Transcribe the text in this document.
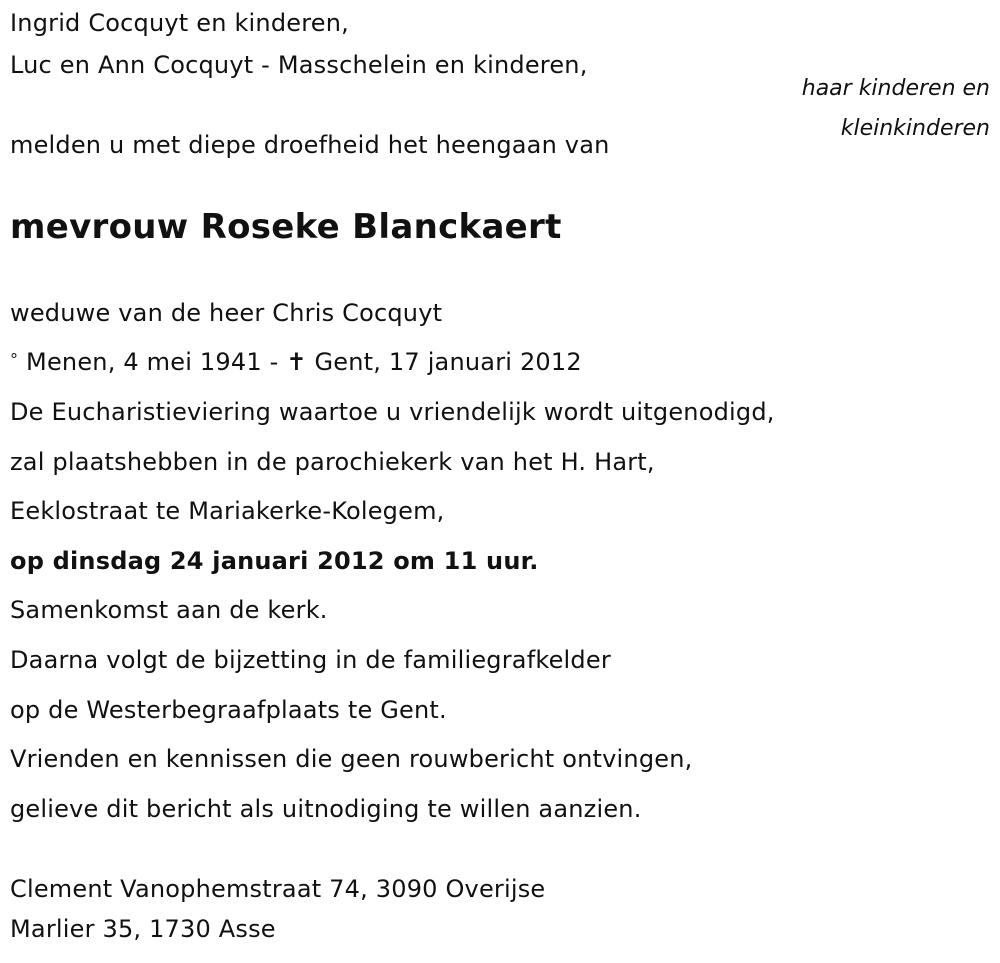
Ingrid Cocquyt en kinderen,
Luc en Ann Cocquyt - Masschelein en kinderen,
haar kinderen en
kleinkinderen
melden u met diepe droefheid het heengaan van
mevrouw Roseke Blanckaert
weduwe van de heer Chris Cocquyt
° Menen, 4 mei 1941 - ✝ Gent, 17 januari 2012
De Eucharistieviering waartoe u vriendelijk wordt uitgenodigd,
zal plaatshebben in de parochiekerk van het H. Hart,
Eeklostraat te Mariakerke-Kolegem,
op dinsdag 24 januari 2012 om 11 uur.
Samenkomst aan de kerk.
Daarna volgt de bijzetting in de familiegrafkelder
op de Westerbegraafplaats te Gent.
Vrienden en kennissen die geen rouwbericht ontvingen,
gelieve dit bericht als uitnodiging te willen aanzien.
Clement Vanophemstraat 74, 3090 Overijse
Marlier 35, 1730 Asse
